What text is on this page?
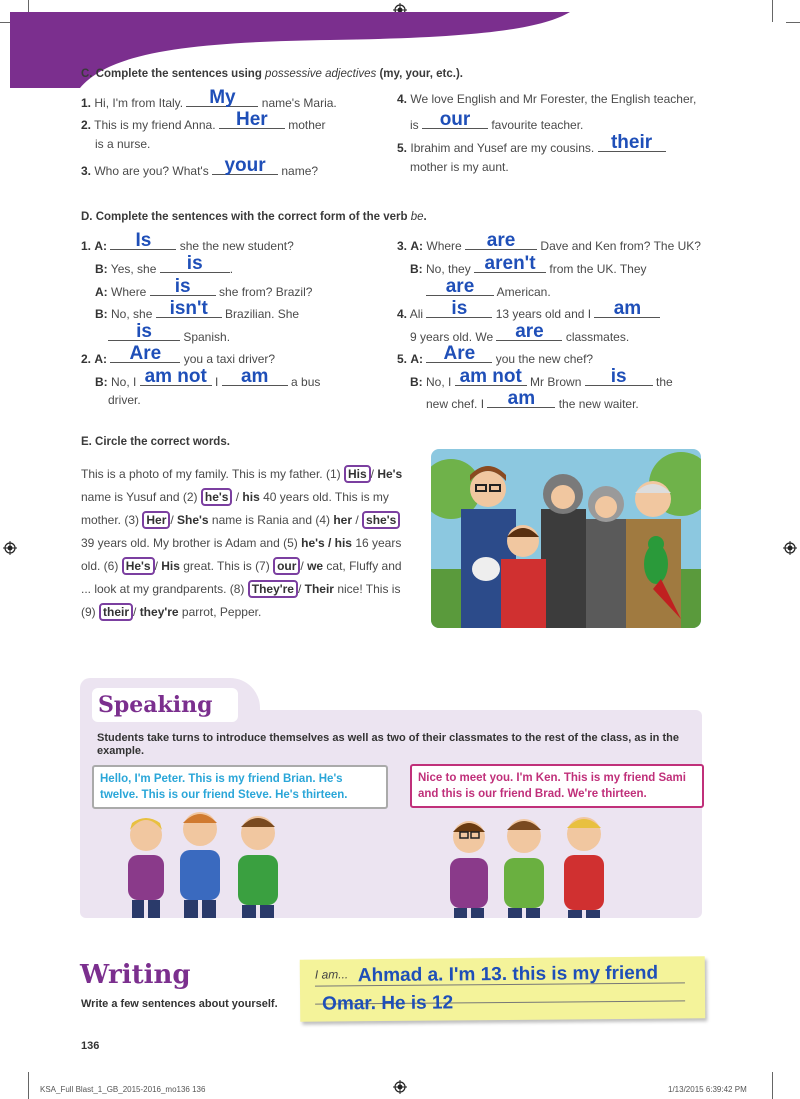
C. Complete the sentences using possessive adjectives (my, your, etc.).
1. Hi, I'm from Italy.	My	name's Maria.
2. This is my friend Anna. Her	mother
is a nurse.
3. Who are you? What's your	name?
4. We love English and Mr Forester, the English teacher,
is our	favourite teacher.
5. Ibrahim and Yusef are my cousins. their
mother is my aunt.
D. Complete the sentences with the correct form of the verb be.
1. A:	Is	she the new student?
B: Yes, she	is	.
A: Where	is	she from? Brazil?
B: No, she isn't	Brazilian. She
is	Spanish.
2. A:	Are	you a taxi driver?
B: No, I am not I	am	a bus
driver.
3. A: Where	are	Dave and Ken from? The UK?
B: No, they aren't from the UK. They
are	American.
4. Ali	is	13 years old and I	am
9 years old. We are	classmates.
5. A:	Are	you the new chef?
B: No, I am not Mr Brown	is	the
new chef. I	am	the new waiter.
E. Circle the correct words.
This is a photo of my family. This is my father. (1) His / He's name is Yusuf and (2) he's / his 40 years old. This is my mother. (3) Her / She's name is Rania and (4) her / she's 39 years old. My brother is Adam and (5) he's / his 16 years old. (6) He's / His great. This is (7) our / we cat, Fluffy and ... look at my grandparents. (8) They're / Their nice! This is (9) their / they're parrot, Pepper.
Speaking
Students take turns to introduce themselves as well as two of their classmates to the rest of the class, as in the example.
Hello, I'm Peter. This is my friend Brian. He's twelve. This is our friend Steve. He's thirteen.
Nice to meet you. I'm Ken. This is my friend Sami and this is our friend Brad. We're thirteen.
Writing
Write a few sentences about yourself.
I am... Ahmad a. I'm 13. this is my friend
Omar. He is 12
136
KSA_Full Blast_1_GB_2015-2016_mo136 136	1/13/2015 6:39:42 PM
